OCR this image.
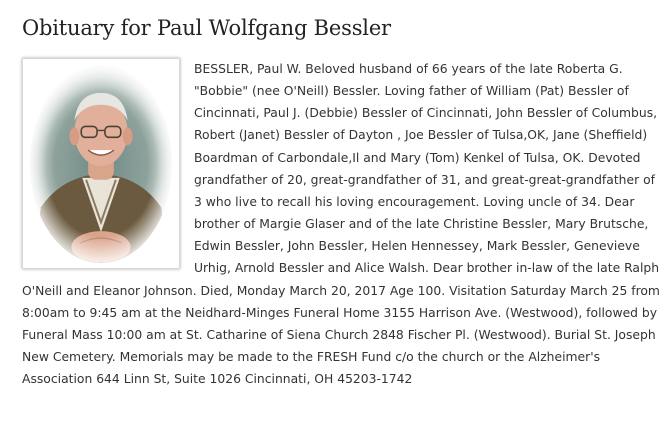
Obituary for Paul Wolfgang Bessler

BESSLER, Paul W. Beloved husband of 66 years of the late Roberta G. "Bobbie" (nee O'Neill) Bessler. Loving father of William (Pat) Bessler of Cincinnati, Paul J. (Debbie) Bessler of Cincinnati, John Bessler of Columbus, Robert (Janet) Bessler of Dayton , Joe Bessler of Tulsa,OK, Jane (Sheffield) Boardman of Carbondale,Il and Mary (Tom) Kenkel of Tulsa, OK. Devoted grandfather of 20, great-grandfather of 31, and great-great-grandfather of 3 who live to recall his loving encouragement. Loving uncle of 34. Dear brother of Margie Glaser and of the late Christine Bessler, Mary Brutsche, Edwin Bessler, John Bessler, Helen Hennessey, Mark Bessler, Genevieve Urhig, Arnold Bessler and Alice Walsh. Dear brother in-law of the late Ralph O'Neill and Eleanor Johnson. Died, Monday March 20, 2017 Age 100. Visitation Saturday March 25 from 8:00am to 9:45 am at the Neidhard-Minges Funeral Home 3155 Harrison Ave. (Westwood), followed by Funeral Mass 10:00 am at St. Catharine of Siena Church 2848 Fischer Pl. (Westwood). Burial St. Joseph New Cemetery. Memorials may be made to the FRESH Fund c/o the church or the Alzheimer's Association 644 Linn St, Suite 1026 Cincinnati, OH 45203-1742
